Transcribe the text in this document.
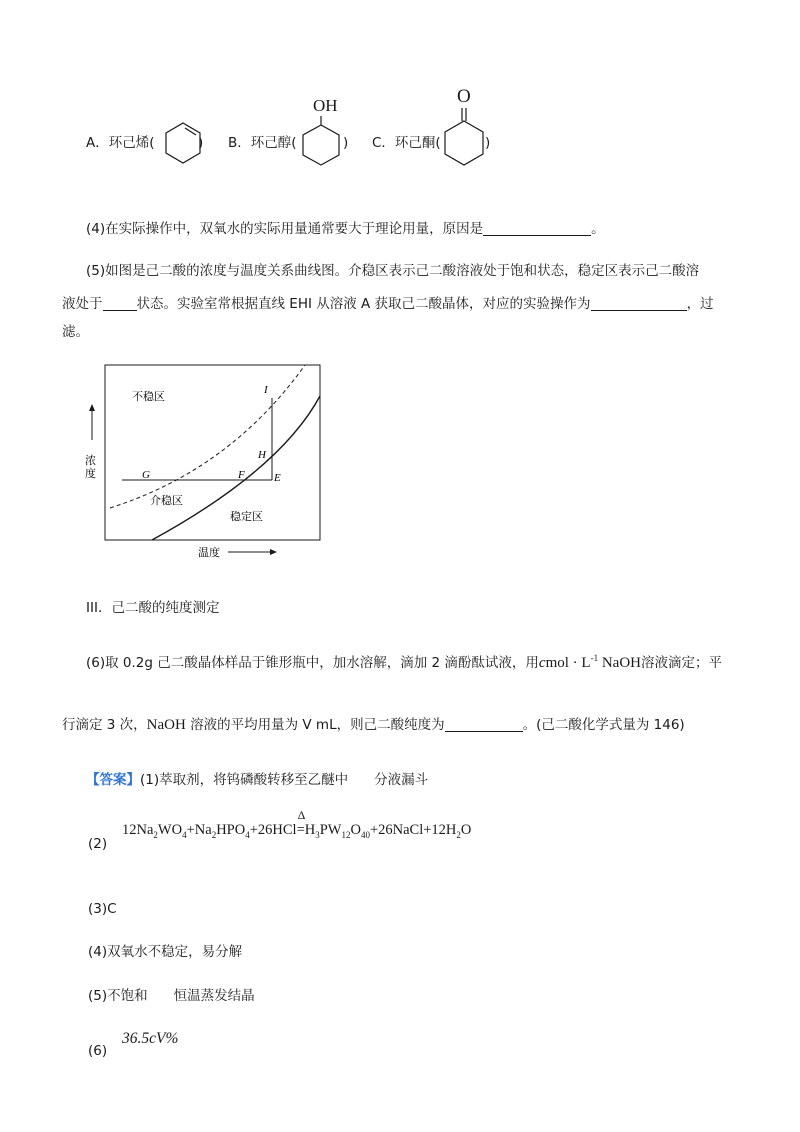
A．环己烯(	) B．环己醇(
OH
) C．环己酮(
O
)
(4)在实际操作中，双氧水的实际用量通常要大于理论用量，原因是	。
(5)如图是己二酸的浓度与温度关系曲线图。介稳区表示己二酸溶液处于饱和状态，稳定区表示己二酸溶
液处于	状态。实验室常根据直线 EHI 从溶液 A 获取己二酸晶体，对应的实验操作为	，过
滤。
不稳区
介稳区
稳定区
浓
度
温度
I
H
E
F
G
III．己二酸的纯度测定
(6)取 0.2g 己二酸晶体样品于锥形瓶中，加水溶解，滴加 2 滴酚酞试液，用cmol · $L^{-1}$ NaOH溶液滴定；平
行滴定 3 次，NaOH 溶液的平均用量为 V mL，则己二酸纯度为	。(己二酸化学式量为 146)
【答案】(1)萃取剂，将钨磷酸转移至乙醚中 分液漏斗
(2)
$12Na_2WO_4+Na_2HPO_4+26HCl$
Δ
$=H_3PW_{12}O_{40}+26NaCl+12H_2O$
(3)C
(4)双氧水不稳定，易分解
(5)不饱和 恒温蒸发结晶
(6)
36.5cV%
